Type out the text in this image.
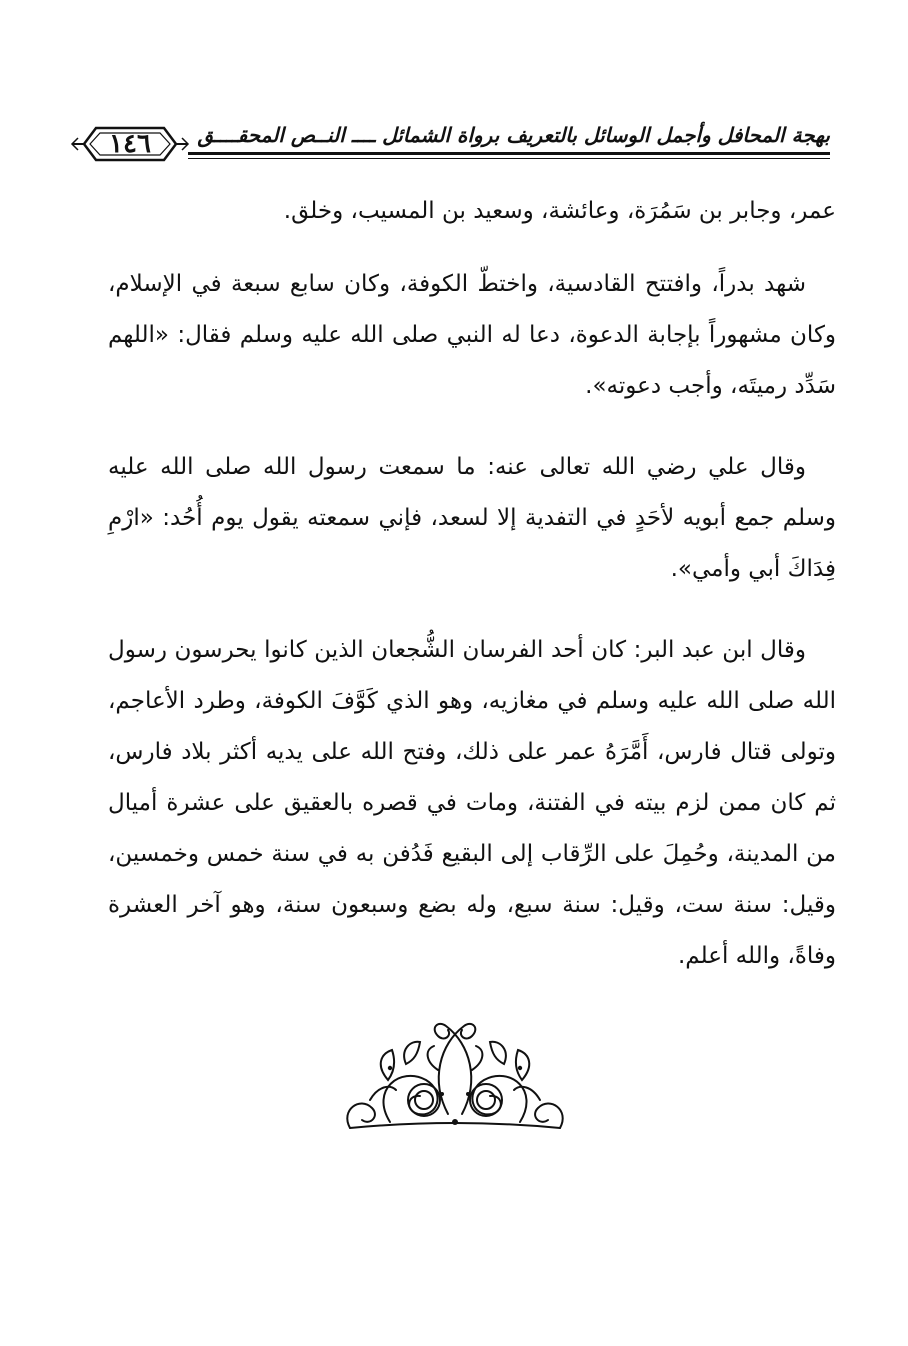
١٤٦	بهجة المحافل وأجمل الوسائل بالتعريف برواة الشمائل ــــ النــص المحقــــق

عمر، وجابر بن سَمُرَة، وعائشة، وسعيد بن المسيب، وخلق.

شهد بدراً، وافتتح القادسية، واختطّ الكوفة، وكان سابع سبعة في الإسلام، وكان مشهوراً بإجابة الدعوة، دعا له النبي صلى الله عليه وسلم فقال: «اللهم سَدِّد رميتَه، وأجب دعوته».

وقال علي رضي الله تعالى عنه: ما سمعت رسول الله صلى الله عليه وسلم جمع أبويه لأحَدٍ في التفدية إلا لسعد، فإني سمعته يقول يوم أُحُد: «ارْمِ فِدَاكَ أبي وأمي».

وقال ابن عبد البر: كان أحد الفرسان الشُّجعان الذين كانوا يحرسون رسول الله صلى الله عليه وسلم في مغازيه، وهو الذي كَوَّفَ الكوفة، وطرد الأعاجم، وتولى قتال فارس، أَمَّرَهُ عمر على ذلك، وفتح الله على يديه أكثر بلاد فارس، ثم كان ممن لزم بيته في الفتنة، ومات في قصره بالعقيق على عشرة أميال من المدينة، وحُمِلَ على الرِّقاب إلى البقيع فَدُفن به في سنة خمس وخمسين، وقيل: سنة ست، وقيل: سنة سبع، وله بضع وسبعون سنة، وهو آخر العشرة وفاةً، والله أعلم.
